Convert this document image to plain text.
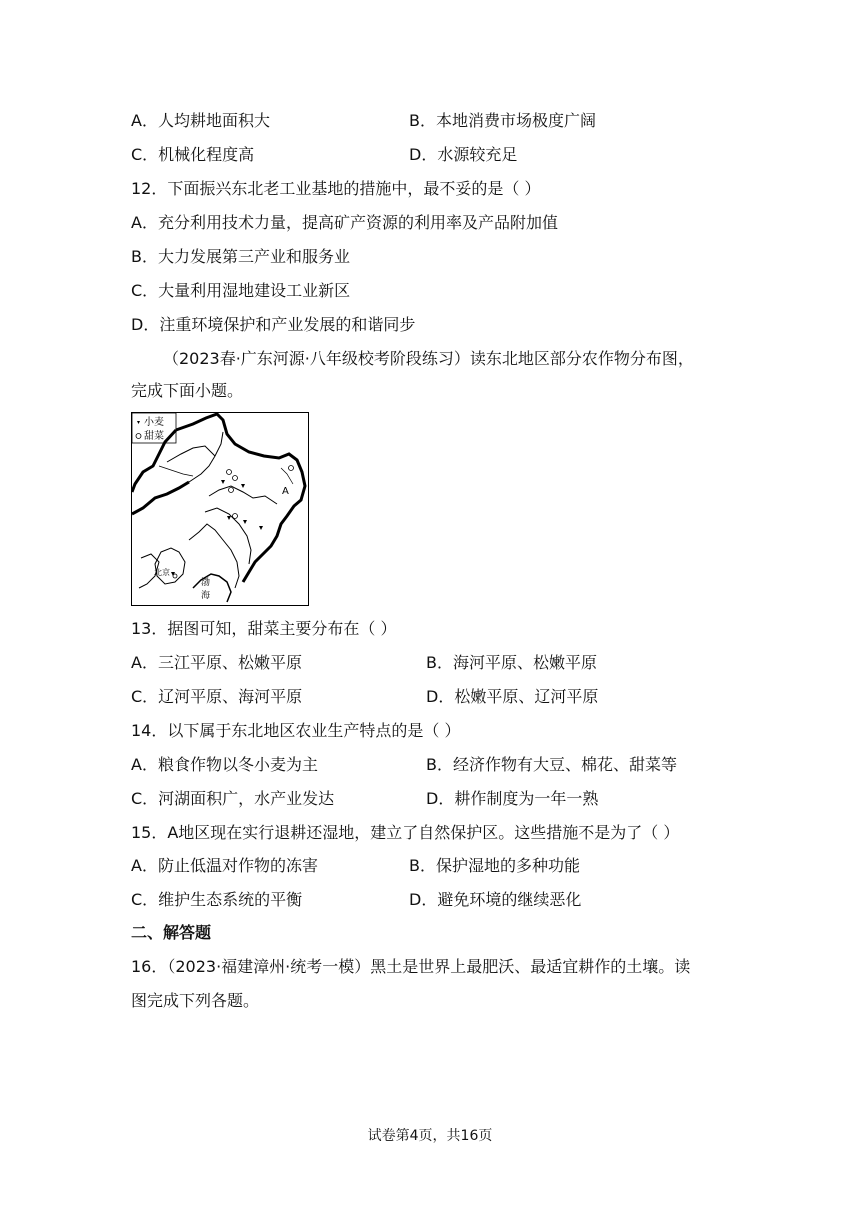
A．人均耕地面积大	B．本地消费市场极度广阔
C．机械化程度高	D．水源较充足
12．下面振兴东北老工业基地的措施中，最不妥的是（ ）
A．充分利用技术力量，提高矿产资源的利用率及产品附加值
B．大力发展第三产业和服务业
C．大量利用湿地建设工业新区
D．注重环境保护和产业发展的和谐同步
（2023春·广东河源·八年级校考阶段练习）读东北地区部分农作物分布图，
完成下面小题。
小麦
甜菜
A
北京
渤
海
13．据图可知，甜菜主要分布在（ ）
A．三江平原、松嫩平原	B．海河平原、松嫩平原
C．辽河平原、海河平原	D．松嫩平原、辽河平原
14．以下属于东北地区农业生产特点的是（ ）
A．粮食作物以冬小麦为主	B．经济作物有大豆、棉花、甜菜等
C．河湖面积广，水产业发达	D．耕作制度为一年一熟
15．A地区现在实行退耕还湿地，建立了自然保护区。这些措施不是为了（ ）
A．防止低温对作物的冻害	B．保护湿地的多种功能
C．维护生态系统的平衡	D．避免环境的继续恶化
二、解答题
16．（2023·福建漳州·统考一模）黑土是世界上最肥沃、最适宜耕作的土壤。读
图完成下列各题。
试卷第4页，共16页
